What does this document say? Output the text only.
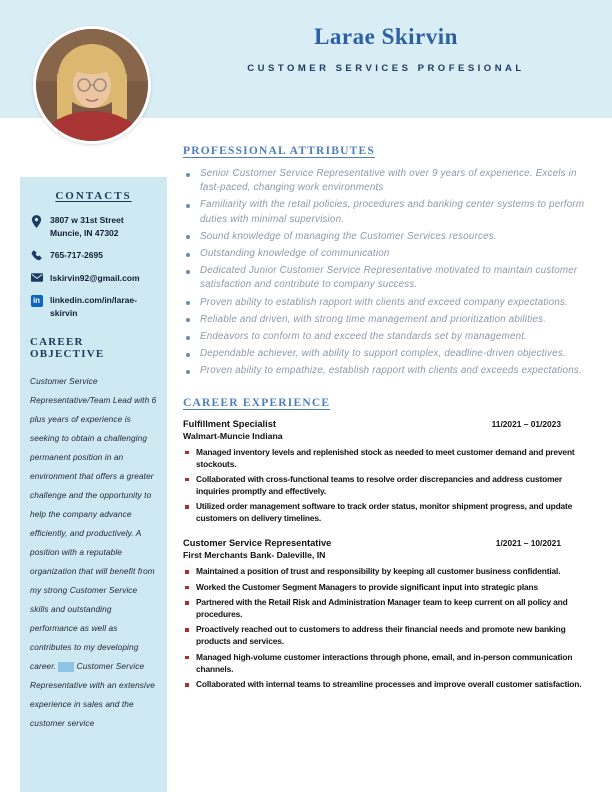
Larae Skirvin
CUSTOMER SERVICES PROFESIONAL
CONTACTS
3807 w 31st Street
Muncie, IN 47302
765-717-2695
lskirvin92@gmail.com
in linkedin.com/in/larae-skirvin
CAREER OBJECTIVE

Customer Service Representative/Team Lead with 6 plus years of experience is seeking to obtain a challenging permanent position in an environment that offers a greater challenge and the opportunity to help the company advance efficiently, and productively. A position with a reputable organization that will benefit from my strong Customer Service skills and outstanding performance as well as contributes to my developing career. Customer Service Representative with an extensive experience in sales and the customer service

PROFESSIONAL ATTRIBUTES
Senior Customer Service Representative with over 9 years of experience. Excels in fast-paced, changing work environments
Familiarity with the retail policies, procedures and banking center systems to perform duties with minimal supervision.
Sound knowledge of managing the Customer Services resources.
Outstanding knowledge of communication
Dedicated Junior Customer Service Representative motivated to maintain customer satisfaction and contribute to company success.
Proven ability to establish rapport with clients and exceed company expectations.
Reliable and driven, with strong time management and prioritization abilities.
Endeavors to conform to and exceed the standards set by management.
Dependable achiever, with ability to support complex, deadline-driven objectives.
Proven ability to empathize, establish rapport with clients and exceeds expectations.
CAREER EXPERIENCE
Fulfillment Specialist	11/2021 – 01/2023
Walmart-Muncie Indiana
Managed inventory levels and replenished stock as needed to meet customer demand and prevent stockouts.
Collaborated with cross-functional teams to resolve order discrepancies and address customer inquiries promptly and effectively.
Utilized order management software to track order status, monitor shipment progress, and update customers on delivery timelines.
Customer Service Representative	1/2021 – 10/2021
First Merchants Bank- Daleville, IN
Maintained a position of trust and responsibility by keeping all customer business confidential.
Worked the Customer Segment Managers to provide significant input into strategic plans
Partnered with the Retail Risk and Administration Manager team to keep current on all policy and procedures.
Proactively reached out to customers to address their financial needs and promote new banking products and services.
Managed high-volume customer interactions through phone, email, and in-person communication channels.
Collaborated with internal teams to streamline processes and improve overall customer satisfaction.
